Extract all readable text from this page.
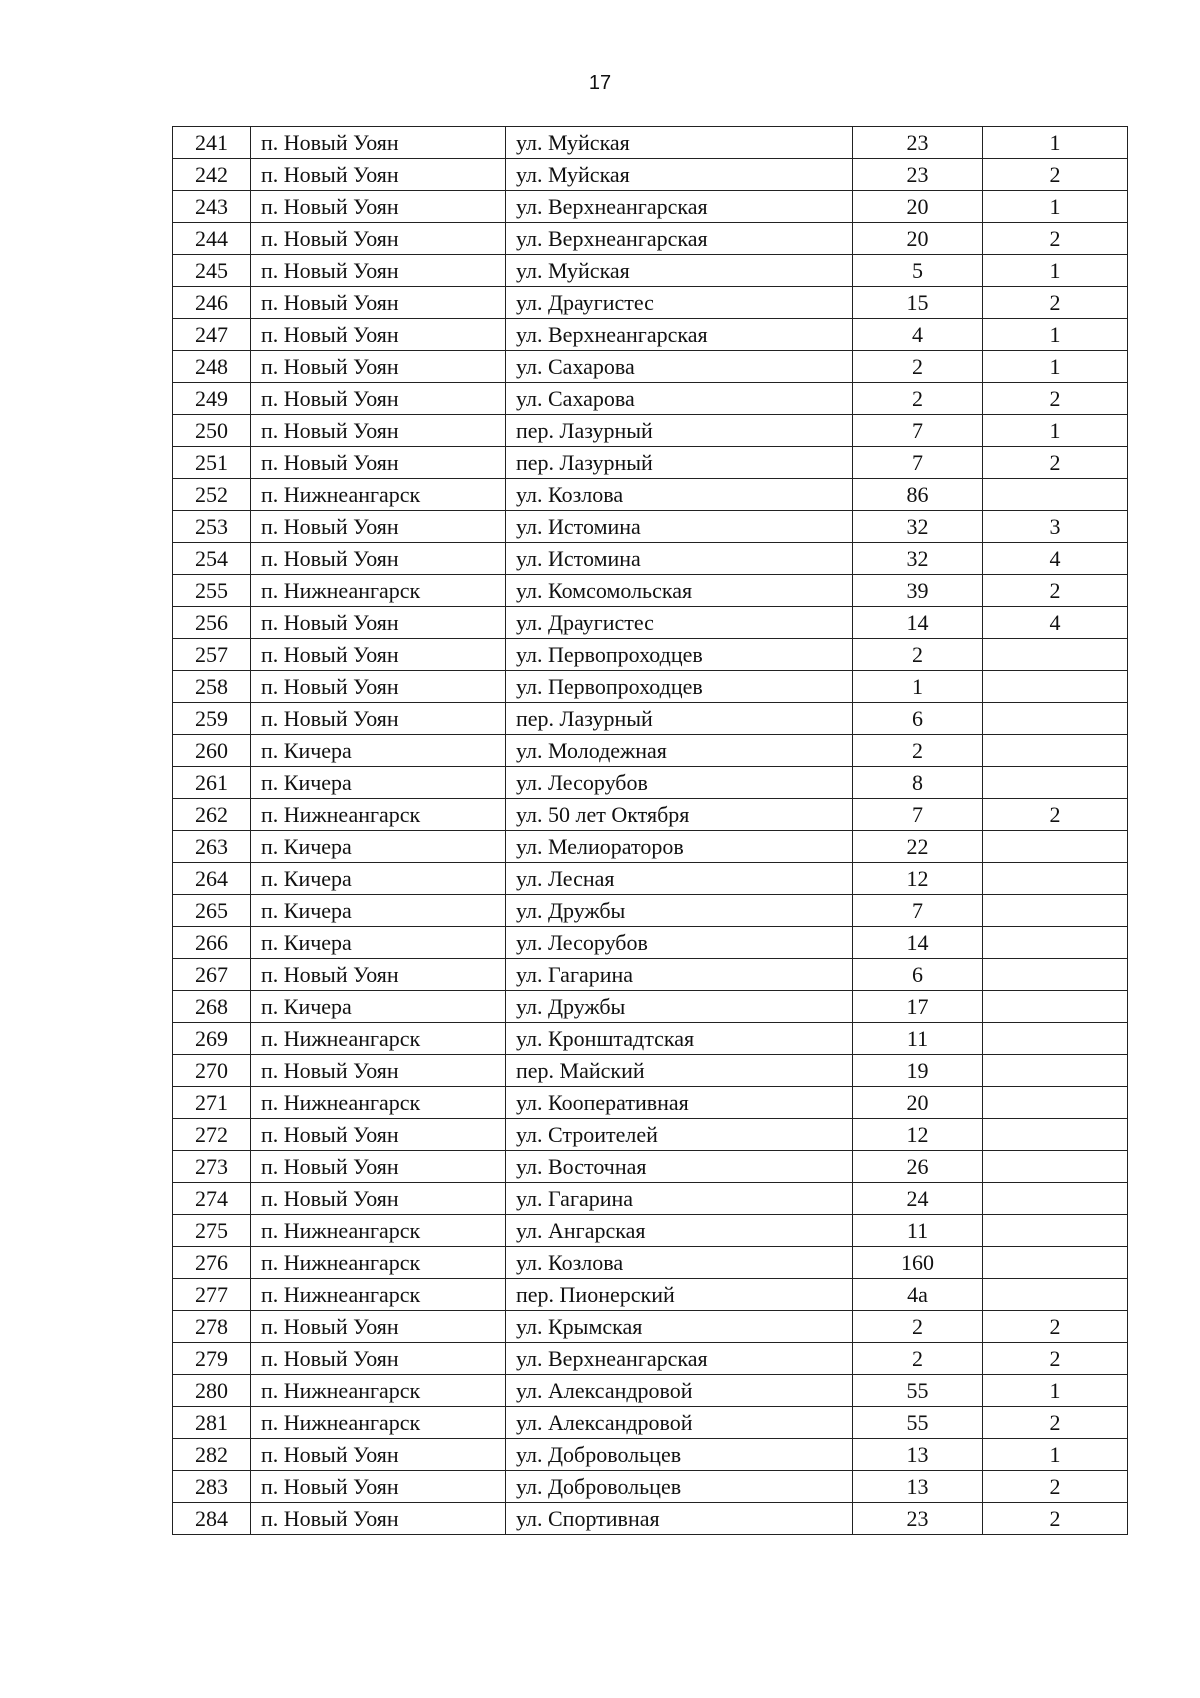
17
241	п. Новый Уоян	ул. Муйская	23	1
242	п. Новый Уоян	ул. Муйская	23	2
243	п. Новый Уоян	ул. Верхнеангарская	20	1
244	п. Новый Уоян	ул. Верхнеангарская	20	2
245	п. Новый Уоян	ул. Муйская	5	1
246	п. Новый Уоян	ул. Драугистес	15	2
247	п. Новый Уоян	ул. Верхнеангарская	4	1
248	п. Новый Уоян	ул. Сахарова	2	1
249	п. Новый Уоян	ул. Сахарова	2	2
250	п. Новый Уоян	пер. Лазурный	7	1
251	п. Новый Уоян	пер. Лазурный	7	2
252	п. Нижнеангарск	ул. Козлова	86	
253	п. Новый Уоян	ул. Истомина	32	3
254	п. Новый Уоян	ул. Истомина	32	4
255	п. Нижнеангарск	ул. Комсомольская	39	2
256	п. Новый Уоян	ул. Драугистес	14	4
257	п. Новый Уоян	ул. Первопроходцев	2	
258	п. Новый Уоян	ул. Первопроходцев	1	
259	п. Новый Уоян	пер. Лазурный	6	
260	п. Кичера	ул. Молодежная	2	
261	п. Кичера	ул. Лесорубов	8	
262	п. Нижнеангарск	ул. 50 лет Октября	7	2
263	п. Кичера	ул. Мелиораторов	22	
264	п. Кичера	ул. Лесная	12	
265	п. Кичера	ул. Дружбы	7	
266	п. Кичера	ул. Лесорубов	14	
267	п. Новый Уоян	ул. Гагарина	6	
268	п. Кичера	ул. Дружбы	17	
269	п. Нижнеангарск	ул. Кронштадтская	11	
270	п. Новый Уоян	пер. Майский	19	
271	п. Нижнеангарск	ул. Кооперативная	20	
272	п. Новый Уоян	ул. Строителей	12	
273	п. Новый Уоян	ул. Восточная	26	
274	п. Новый Уоян	ул. Гагарина	24	
275	п. Нижнеангарск	ул. Ангарская	11	
276	п. Нижнеангарск	ул. Козлова	160	
277	п. Нижнеангарск	пер. Пионерский	4а	
278	п. Новый Уоян	ул. Крымская	2	2
279	п. Новый Уоян	ул. Верхнеангарская	2	2
280	п. Нижнеангарск	ул. Александровой	55	1
281	п. Нижнеангарск	ул. Александровой	55	2
282	п. Новый Уоян	ул. Добровольцев	13	1
283	п. Новый Уоян	ул. Добровольцев	13	2
284	п. Новый Уоян	ул. Спортивная	23	2
